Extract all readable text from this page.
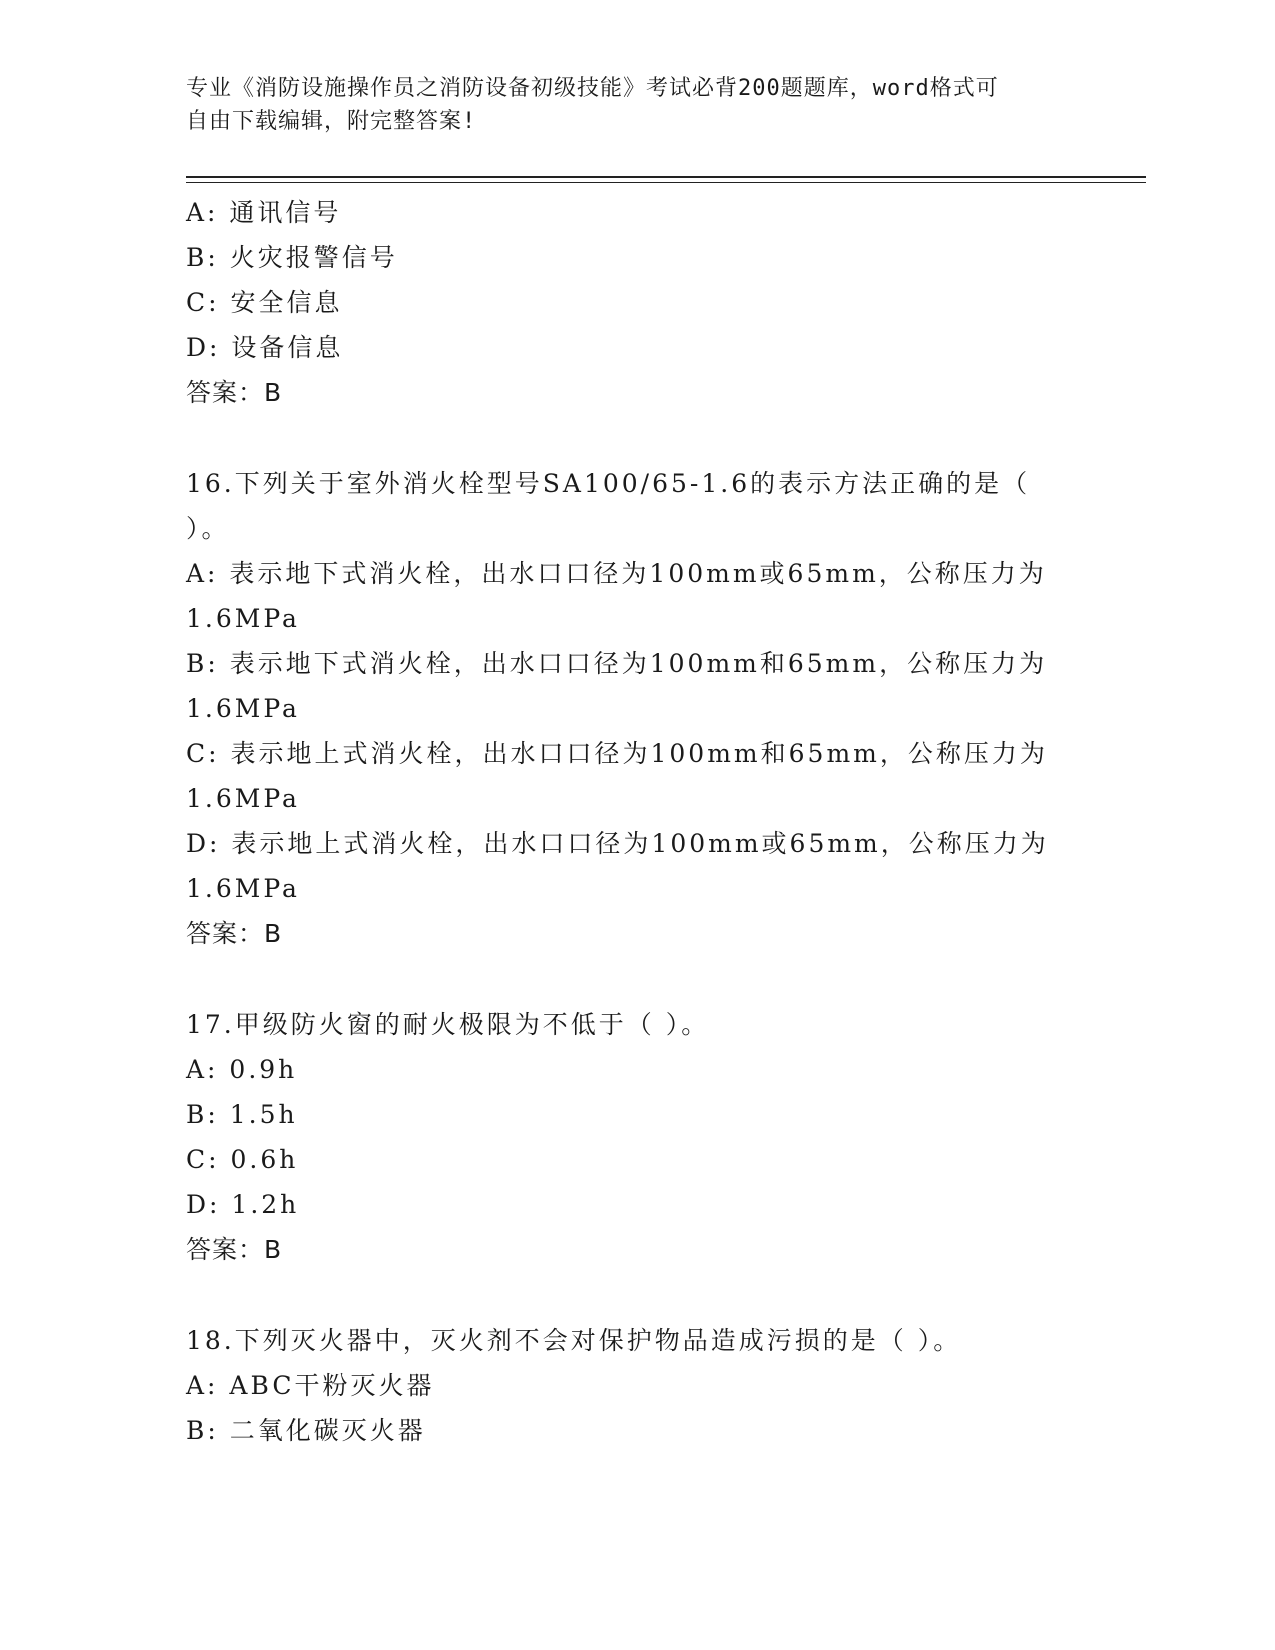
专业《消防设施操作员之消防设备初级技能》考试必背200题题库，word格式可
自由下载编辑，附完整答案!
A: 通讯信号
B: 火灾报警信号
C: 安全信息
D: 设备信息
答案：B
16.下列关于室外消火栓型号SA100/65-1.6的表示方法正确的是（
）。
A: 表示地下式消火栓，出水口口径为100mm或65mm，公称压力为
1.6MPa
B: 表示地下式消火栓，出水口口径为100mm和65mm，公称压力为
1.6MPa
C: 表示地上式消火栓，出水口口径为100mm和65mm，公称压力为
1.6MPa
D: 表示地上式消火栓，出水口口径为100mm或65mm，公称压力为
1.6MPa
答案：B
17.甲级防火窗的耐火极限为不低于（ ）。
A: 0.9h
B: 1.5h
C: 0.6h
D: 1.2h
答案：B
18.下列灭火器中，灭火剂不会对保护物品造成污损的是（ ）。
A: ABC干粉灭火器
B: 二氧化碳灭火器
